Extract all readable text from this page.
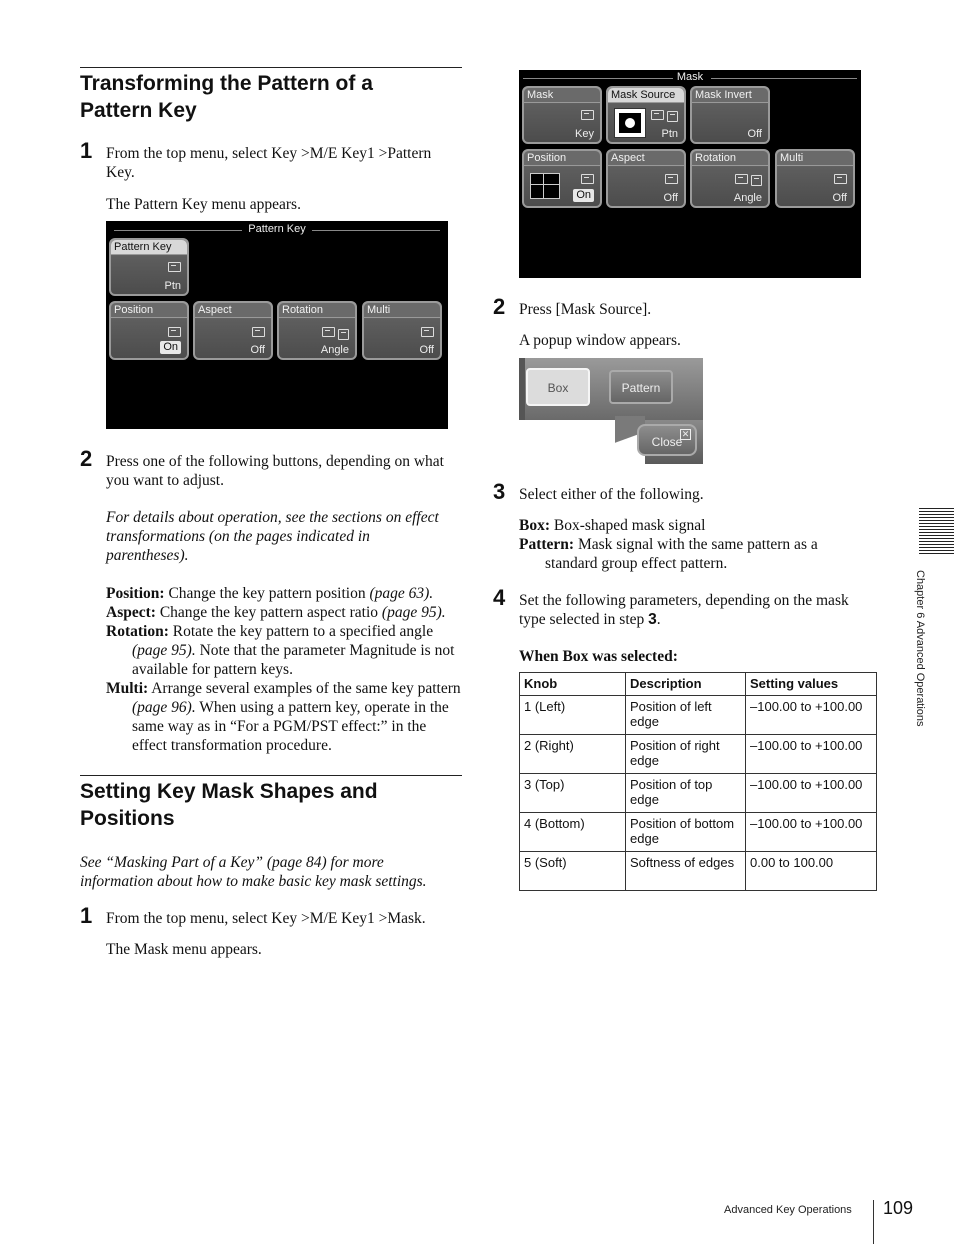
Transforming the Pattern of a
Pattern Key
1 From the top menu, select Key >M/E Key1 >Pattern
Key.

The Pattern Key menu appears.

Pattern Key
Pattern Key
Ptn
Position
On
Aspect
Off
Rotation
Angle
Multi
Off
2 Press one of the following buttons, depending on what
you want to adjust.

For details about operation, see the sections on effect
transformations (on the pages indicated in
parentheses).

Position: Change the key pattern position (page 63).

Aspect: Change the key pattern aspect ratio (page 95).

Rotation: Rotate the key pattern to a specified angle (page 95). Note that the parameter Magnitude is not available for pattern keys.

Multi: Arrange several examples of the same key pattern (page 96). When using a pattern key, operate in the same way as in “For a PGM/PST effect:” in the effect transformation procedure.

Setting Key Mask Shapes and
Positions

See “Masking Part of a Key” (page 84) for more
information about how to make basic key mask settings.

1 From the top menu, select Key >M/E Key1 >Mask.

The Mask menu appears.

Mask
Mask
Key
Mask Source
Ptn
Mask Invert
Off
Position
On
Aspect
Off
Rotation
Angle
Multi
Off
2 Press [Mask Source].

A popup window appears.

Box	Pattern
Close
✕
3 Select either of the following.

Box: Box-shaped mask signal

Pattern: Mask signal with the same pattern as a standard group effect pattern.

4 Set the following parameters, depending on the mask
type selected in step 3.

When Box was selected:

Knob	Description	Setting values
1 (Left)	Position of left edge	–100.00 to +100.00
2 (Right)	Position of right edge	–100.00 to +100.00
3 (Top)	Position of top edge	–100.00 to +100.00
4 (Bottom)	Position of bottom edge	–100.00 to +100.00
5 (Soft)	Softness of edges	0.00 to 100.00
Chapter 6 Advanced Operations
Advanced Key Operations 109
